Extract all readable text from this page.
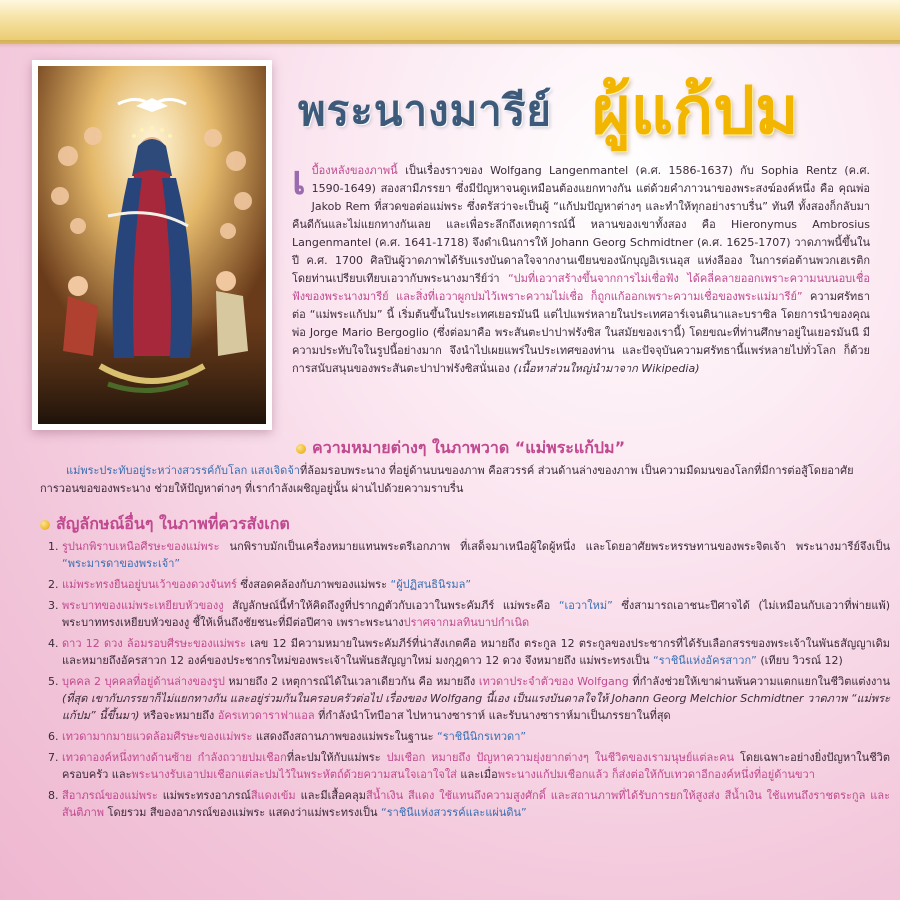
พระนางมารีย์ ผู้แก้ปม
เบื้องหลังของภาพนี้ เป็นเรื่องราวของ Wolfgang Langenmantel (ค.ศ. 1586-1637) กับ Sophia Rentz (ค.ศ. 1590-1649) สองสามีภรรยา ซึ่งมีปัญหาจนดูเหมือนต้องแยกทางกัน แต่ด้วยคำภาวนาของพระสงฆ์องค์หนึ่ง คือ คุณพ่อ Jakob Rem ที่สวดขอต่อแม่พระ ซึ่งตรัสว่าจะเป็นผู้ “แก้ปมปัญหาต่างๆ และทำให้ทุกอย่างราบรื่น” ทันที ทั้งสองก็กลับมาคืนดีกันและไม่แยกทางกันเลย และเพื่อระลึกถึงเหตุการณ์นี้ หลานของเขาทั้งสอง คือ Hieronymus Ambrosius Langenmantel (ค.ศ. 1641-1718) จึงดำเนินการให้ Johann Georg Schmidtner (ค.ศ. 1625-1707) วาดภาพนี้ขึ้นในปี ค.ศ. 1700 ศิลปินผู้วาดภาพได้รับแรงบันดาลใจจากงานเขียนของนักบุญอิเรเนอุส แห่งลีออง ในการต่อต้านพวกเฮเรติก โดยท่านเปรียบเทียบเอวากับพระนางมารีย์ว่า “ปมที่เอวาสร้างขึ้นจากการไม่เชื่อฟัง ได้คลี่คลายออกเพราะความนบนอบเชื่อฟังของพระนางมารีย์ และสิ่งที่เอวาผูกปมไว้เพราะความไม่เชื่อ ก็ถูกแก้ออกเพราะความเชื่อของพระแม่มารีย์” ความศรัทธาต่อ “แม่พระแก้ปม” นี้ เริ่มต้นขึ้นในประเทศเยอรมันนี แต่ไปแพร่หลายในประเทศอาร์เจนตินาและบราซิล โดยการนำของคุณพ่อ Jorge Mario Bergoglio (ซึ่งต่อมาคือ พระสันตะปาปาฟรังซิส ในสมัยของเรานี้) โดยขณะที่ท่านศึกษาอยู่ในเยอรมันนี มีความประทับใจในรูปนี้อย่างมาก จึงนำไปเผยแพร่ในประเทศของท่าน และปัจจุบันความศรัทธานี้แพร่หลายไปทั่วโลก ก็ด้วยการสนับสนุนของพระสันตะปาปาฟรังซิสนั่นเอง (เนื้อหาส่วนใหญ่นำมาจาก Wikipedia)
ความหมายต่างๆ ในภาพวาด “แม่พระแก้ปม”
แม่พระประทับอยู่ระหว่างสวรรค์กับโลก แสงเจิดจ้าที่ล้อมรอบพระนาง ที่อยู่ด้านบนของภาพ คือสวรรค์ ส่วนด้านล่างของภาพ เป็นความมืดมนของโลกที่มีการต่อสู้โดยอาศัยการวอนขอของพระนาง ช่วยให้ปัญหาต่างๆ ที่เรากำลังเผชิญอยู่นั้น ผ่านไปด้วยความราบรื่น
สัญลักษณ์อื่นๆ ในภาพที่ควรสังเกต
1. รูปนกพิราบเหนือศีรษะของแม่พระ นกพิราบมักเป็นเครื่องหมายแทนพระตรีเอกภาพ ที่เสด็จมาเหนือผู้ใดผู้หนึ่ง และโดยอาศัยพระหรรษทานของพระจิตเจ้า พระนางมารีย์จึงเป็น “พระมารดาของพระเจ้า”
2. แม่พระทรงยืนอยู่บนเว้าของดวงจันทร์ ซึ่งสอดคล้องกับภาพของแม่พระ “ผู้ปฏิสนธินิรมล”
3. พระบาทของแม่พระเหยียบหัวของงู สัญลักษณ์นี้ทำให้คิดถึงงูที่ปรากฏตัวกับเอวาในพระคัมภีร์ แม่พระคือ “เอวาใหม่” ซึ่งสามารถเอาชนะปีศาจได้ (ไม่เหมือนกับเอวาที่พ่ายแพ้) พระบาททรงเหยียบหัวของงู ชี้ให้เห็นถึงชัยชนะที่มีต่อปีศาจ เพราะพระนางปราศจากมลทินบาปกำเนิด
4. ดาว 12 ดวง ล้อมรอบศีรษะของแม่พระ เลข 12 มีความหมายในพระคัมภีร์ที่น่าสังเกตคือ หมายถึง ตระกูล 12 ตระกูลของประชากรที่ได้รับเลือกสรรของพระเจ้าในพันธสัญญาเดิม และหมายถึงอัครสาวก 12 องค์ของประชากรใหม่ของพระเจ้าในพันธสัญญาใหม่ มงกุฎดาว 12 ดวง จึงหมายถึง แม่พระทรงเป็น “ราชินีแห่งอัครสาวก” (เทียบ วิวรณ์ 12)
5. บุคคล 2 บุคคลที่อยู่ด้านล่างของรูป หมายถึง 2 เหตุการณ์ได้ในเวลาเดียวกัน คือ หมายถึง เทวดาประจำตัวของ Wolfgang ที่กำลังช่วยให้เขาผ่านพ้นความแตกแยกในชีวิตแต่งงาน (ที่สุด เขากับภรรยาก็ไม่แยกทางกัน และอยู่ร่วมกันในครอบครัวต่อไป เรื่องของ Wolfgang นี้เอง เป็นแรงบันดาลใจให้ Johann Georg Melchior Schmidtner วาดภาพ “แม่พระแก้ปม” นี้ขึ้นมา) หรือจะหมายถึง อัครเทวดาราฟาแอล ที่กำลังนำโทบีอาส ไปหานางซาราห์ และรับนางซาราห์มาเป็นภรรยาในที่สุด
6. เทวดามากมายแวดล้อมศีรษะของแม่พระ แสดงถึงสถานภาพของแม่พระในฐานะ “ราชินีนิกรเทวดา”
7. เทวดาองค์หนึ่งทางด้านซ้าย กำลังถวายปมเชือกที่ละปมให้กับแม่พระ ปมเชือก หมายถึง ปัญหาความยุ่งยากต่างๆ ในชีวิตของเรามนุษย์แต่ละคน โดยเฉพาะอย่างยิ่งปัญหาในชีวิตครอบครัว และพระนางรับเอาปมเชือกแต่ละปมไว้ในพระหัตถ์ด้วยความสนใจเอาใจใส่ และเมื่อพระนางแก้ปมเชือกแล้ว ก็ส่งต่อให้กับเทวดาอีกองค์หนึ่งที่อยู่ด้านขวา
8. สีอาภรณ์ของแม่พระ แม่พระทรงอาภรณ์สีแดงเข้ม และมีเสื้อคลุมสีน้ำเงิน สีแดง ใช้แทนถึงความสูงศักดิ์ และสถานภาพที่ได้รับการยกให้สูงส่ง สีน้ำเงิน ใช้แทนถึงราชตระกูล และสันติภาพ โดยรวม สีของอาภรณ์ของแม่พระ แสดงว่าแม่พระทรงเป็น “ราชินีแห่งสวรรค์และแผ่นดิน”
